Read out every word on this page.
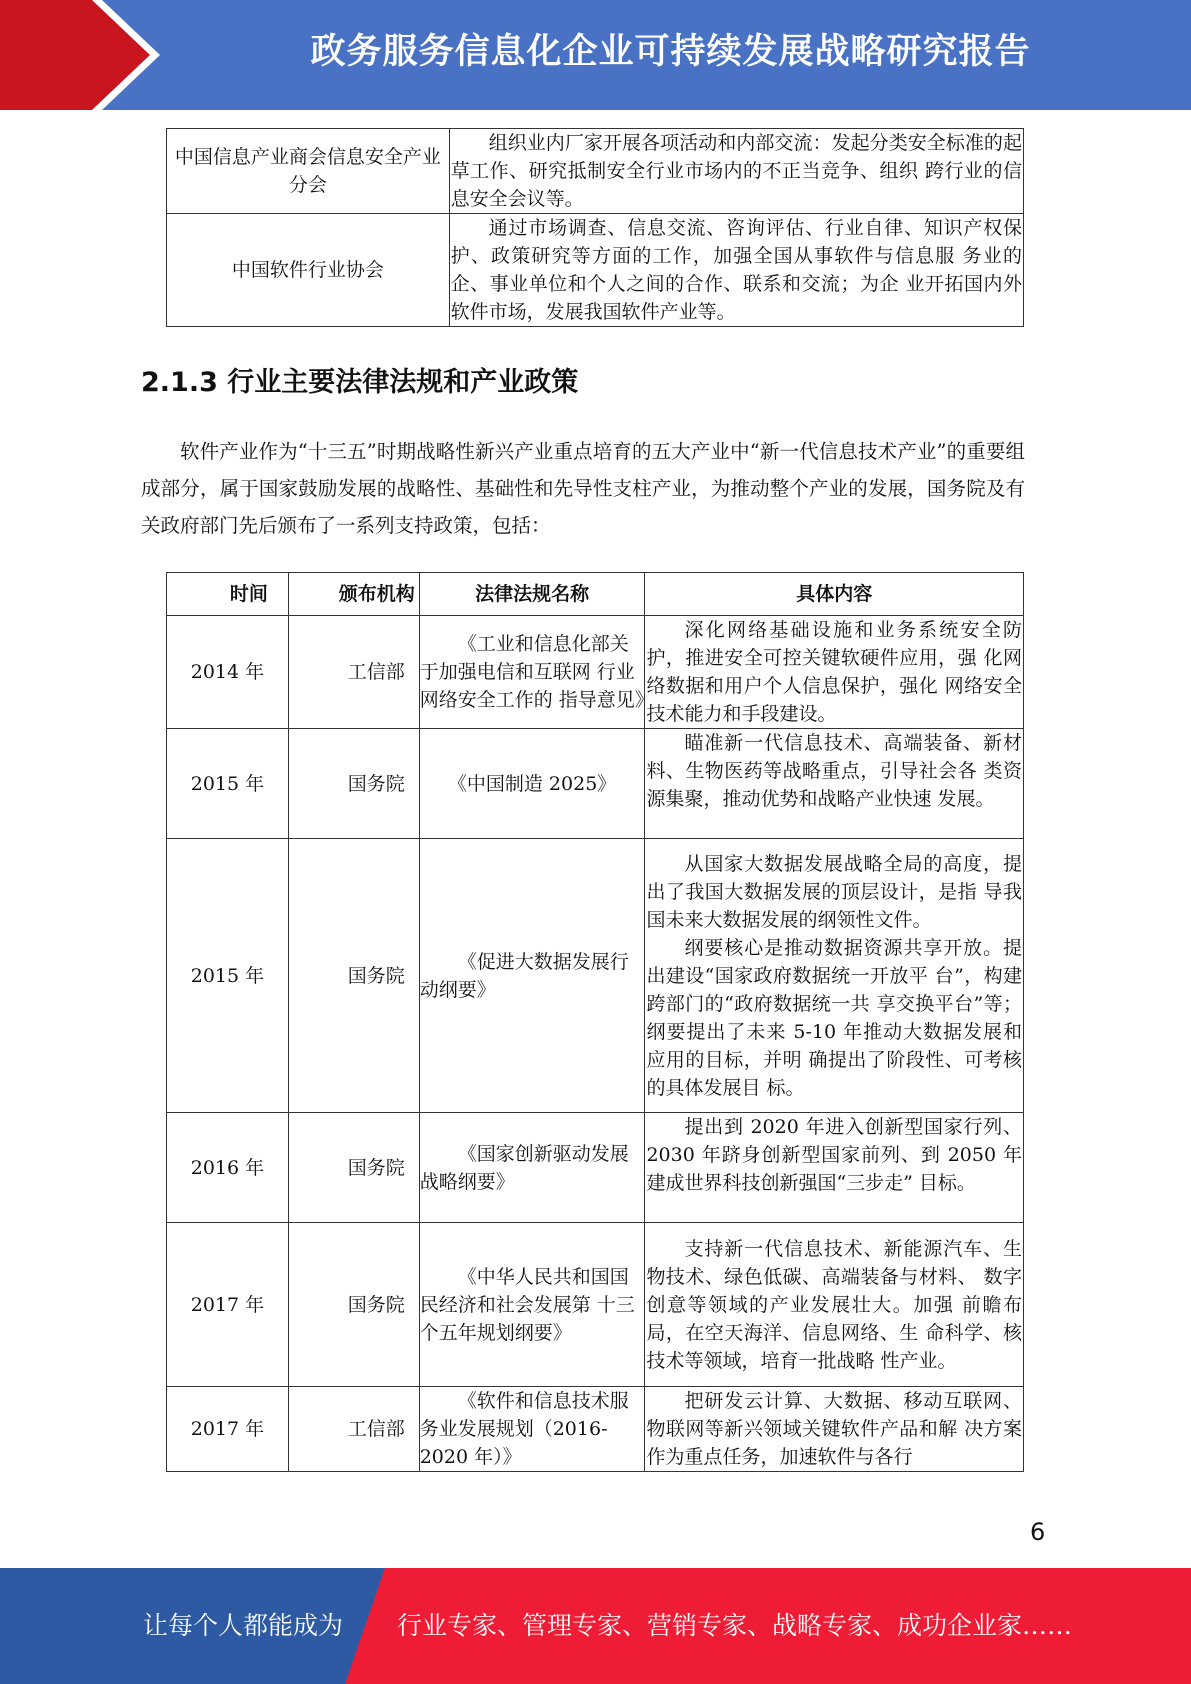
政务服务信息化企业可持续发展战略研究报告
中国信息产业商会信息安全产业分会	组织业内厂家开展各项活动和内部交流：发起分类安全标准的起草工作、研究抵制安全行业市场内的不正当竞争、组织 跨行业的信息安全会议等。

中国软件行业协会	通过市场调查、信息交流、咨询评估、行业自律、知识产权保护、政策研究等方面的工作，加强全国从事软件与信息服 务业的企、事业单位和个人之间的合作、联系和交流；为企 业开拓国内外软件市场，发展我国软件产业等。

2.1.3 行业主要法律法规和产业政策

软件产业作为“十三五”时期战略性新兴产业重点培育的五大产业中“新一代信息技术产业”的重要组成部分，属于国家鼓励发展的战略性、基础性和先导性支柱产业，为推动整个产业的发展，国务院及有关政府部门先后颁布了一系列支持政策，包括：

时间	颁布机构	法律法规名称	具体内容
2014 年	工信部	《工业和信息化部关于加强电信和互联网 行业网络安全工作的 指导意见》	深化网络基础设施和业务系统安全防护，推进安全可控关键软硬件应用，强 化网络数据和用户个人信息保护，强化 网络安全技术能力和手段建设。

2015 年	国务院	《中国制造 2025》	瞄准新一代信息技术、高端装备、新材料、生物医药等战略重点，引导社会各 类资源集聚，推动优势和战略产业快速 发展。

2015 年	国务院	《促进大数据发展行动纲要》	从国家大数据发展战略全局的高度，提出了我国大数据发展的顶层设计，是指 导我国未来大数据发展的纲领性文件。

纲要核心是推动数据资源共享开放。提出建设“国家政府数据统一开放平 台”，构建跨部门的“政府数据统一共 享交换平台”等；纲要提出了未来 5-10 年推动大数据发展和应用的目标，并明 确提出了阶段性、可考核的具体发展目 标。

2016 年	国务院	《国家创新驱动发展战略纲要》	提出到 2020 年进入创新型国家行列、2030 年跻身创新型国家前列、到 2050 年建成世界科技创新强国“三步走” 目标。

2017 年	国务院	《中华人民共和国国民经济和社会发展第 十三个五年规划纲要》	支持新一代信息技术、新能源汽车、生物技术、绿色低碳、高端装备与材料、 数字创意等领域的产业发展壮大。加强 前瞻布局，在空天海洋、信息网络、生 命科学、核技术等领域，培育一批战略 性产业。

2017 年	工信部	《软件和信息技术服务业发展规划（2016-2020 年）》	把研发云计算、大数据、移动互联网、物联网等新兴领域关键软件产品和解 决方案作为重点任务，加速软件与各行

6
让每个人都能成为 行业专家、管理专家、营销专家、战略专家、成功企业家……
